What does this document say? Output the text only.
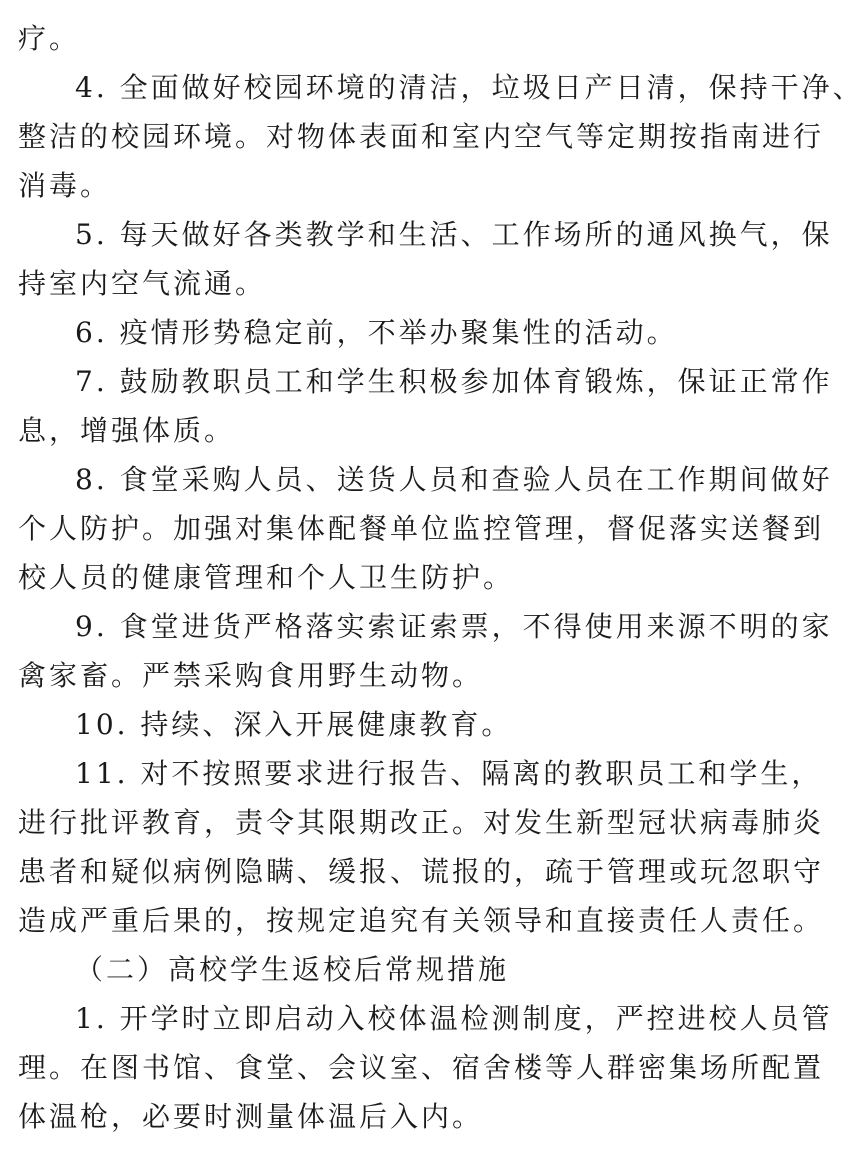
疗。
4. 全面做好校园环境的清洁，垃圾日产日清，保持干净、
整洁的校园环境。对物体表面和室内空气等定期按指南进行
消毒。
5. 每天做好各类教学和生活、工作场所的通风换气，保
持室内空气流通。
6. 疫情形势稳定前，不举办聚集性的活动。
7. 鼓励教职员工和学生积极参加体育锻炼，保证正常作
息，增强体质。
8. 食堂采购人员、送货人员和查验人员在工作期间做好
个人防护。加强对集体配餐单位监控管理，督促落实送餐到
校人员的健康管理和个人卫生防护。
9. 食堂进货严格落实索证索票，不得使用来源不明的家
禽家畜。严禁采购食用野生动物。
10. 持续、深入开展健康教育。
11. 对不按照要求进行报告、隔离的教职员工和学生，
进行批评教育，责令其限期改正。对发生新型冠状病毒肺炎
患者和疑似病例隐瞒、缓报、谎报的，疏于管理或玩忽职守
造成严重后果的，按规定追究有关领导和直接责任人责任。
（二）高校学生返校后常规措施
1. 开学时立即启动入校体温检测制度，严控进校人员管
理。在图书馆、食堂、会议室、宿舍楼等人群密集场所配置
体温枪，必要时测量体温后入内。
